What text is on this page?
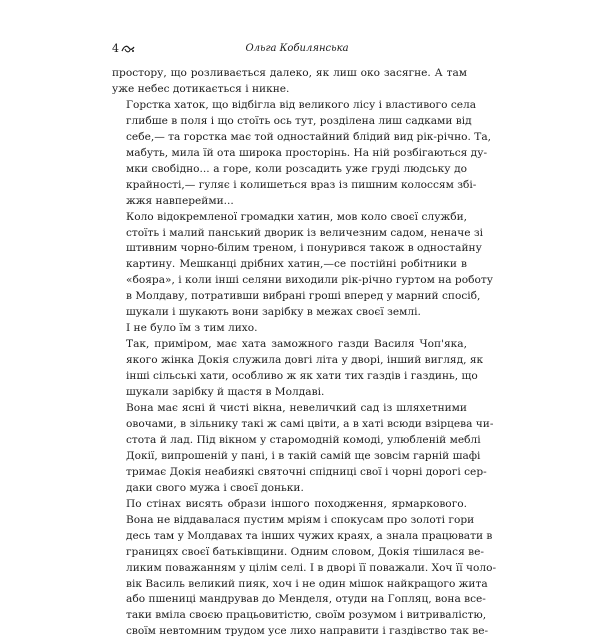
4	Ольга Кобилянська
простору, що розливається далеко, як лиш око засягне. А там
уже небес дотикається і никне.
Горстка хаток, що відбігла від великого лісу і властивого села
глибше в поля і що стоїть ось тут, розділена лиш садками від
себе,— та горстка має той одностайний блідий вид рік-річно. Та,
мабуть, мила їй ота широка просторінь. На ній розбігаються ду-
мки свобідно... а горе, коли розсадить уже груді людську до
крайності,— гуляє і колишеться враз із пишним колоссям збі-
жжя навперейми...
Коло відокремленої громадки хатин, мов коло своєї служби,
стоїть і малий панський дворик із величезним садом, неначе зі
штивним чорно-білим треном, і понурився також в одностайну
картину. Мешканці дрібних хатин,—се постійні робітники в
«бояра», і коли інші селяни виходили рік-річно гуртом на роботу
в Молдаву, потративши вибрані гроші вперед у марний спосіб,
шукали і шукають вони зарібку в межах своєї землі.
І не було їм з тим лихо.
Так, приміром, має хата заможного газди Василя Чоп'яка,
якого жінка Докія служила довгі літа у дворі, інший вигляд, як
інші сільські хати, особливо ж як хати тих газдів і газдинь, що
шукали зарібку й щастя в Молдаві.
Вона має ясні й чисті вікна, невеличкий сад із шляхетними
овочами, в зільнику такі ж самі цвіти, а в хаті всюди взірцева чи-
стота й лад. Під вікном у старомодній комоді, улюбленій меблі
Докії, випрошеній у пані, і в такій самій ще зовсім гарній шафі
тримає Докія неабиякі святочні спідниці свої і чорні дорогі сер-
даки свого мужа і своєї доньки.
По стінах висять образи іншого походження, ярмаркового.
Вона не віддавалася пустим мріям і спокусам про золоті гори
десь там у Молдавах та інших чужих краях, а знала працювати в
границях своєї батьківщини. Одним словом, Докія тішилася ве-
ликим поважанням у цілім селі. І в дворі її поважали. Хоч її чоло-
вік Василь великий пияк, хоч і не один мішок найкращого жита
або пшениці мандрував до Менделя, отуди на Гопляц, вона все-
таки вміла своєю працьовитістю, своїм розумом і витривалістю,
своїм невтомним трудом усе лихо направити і газдівство так ве-
